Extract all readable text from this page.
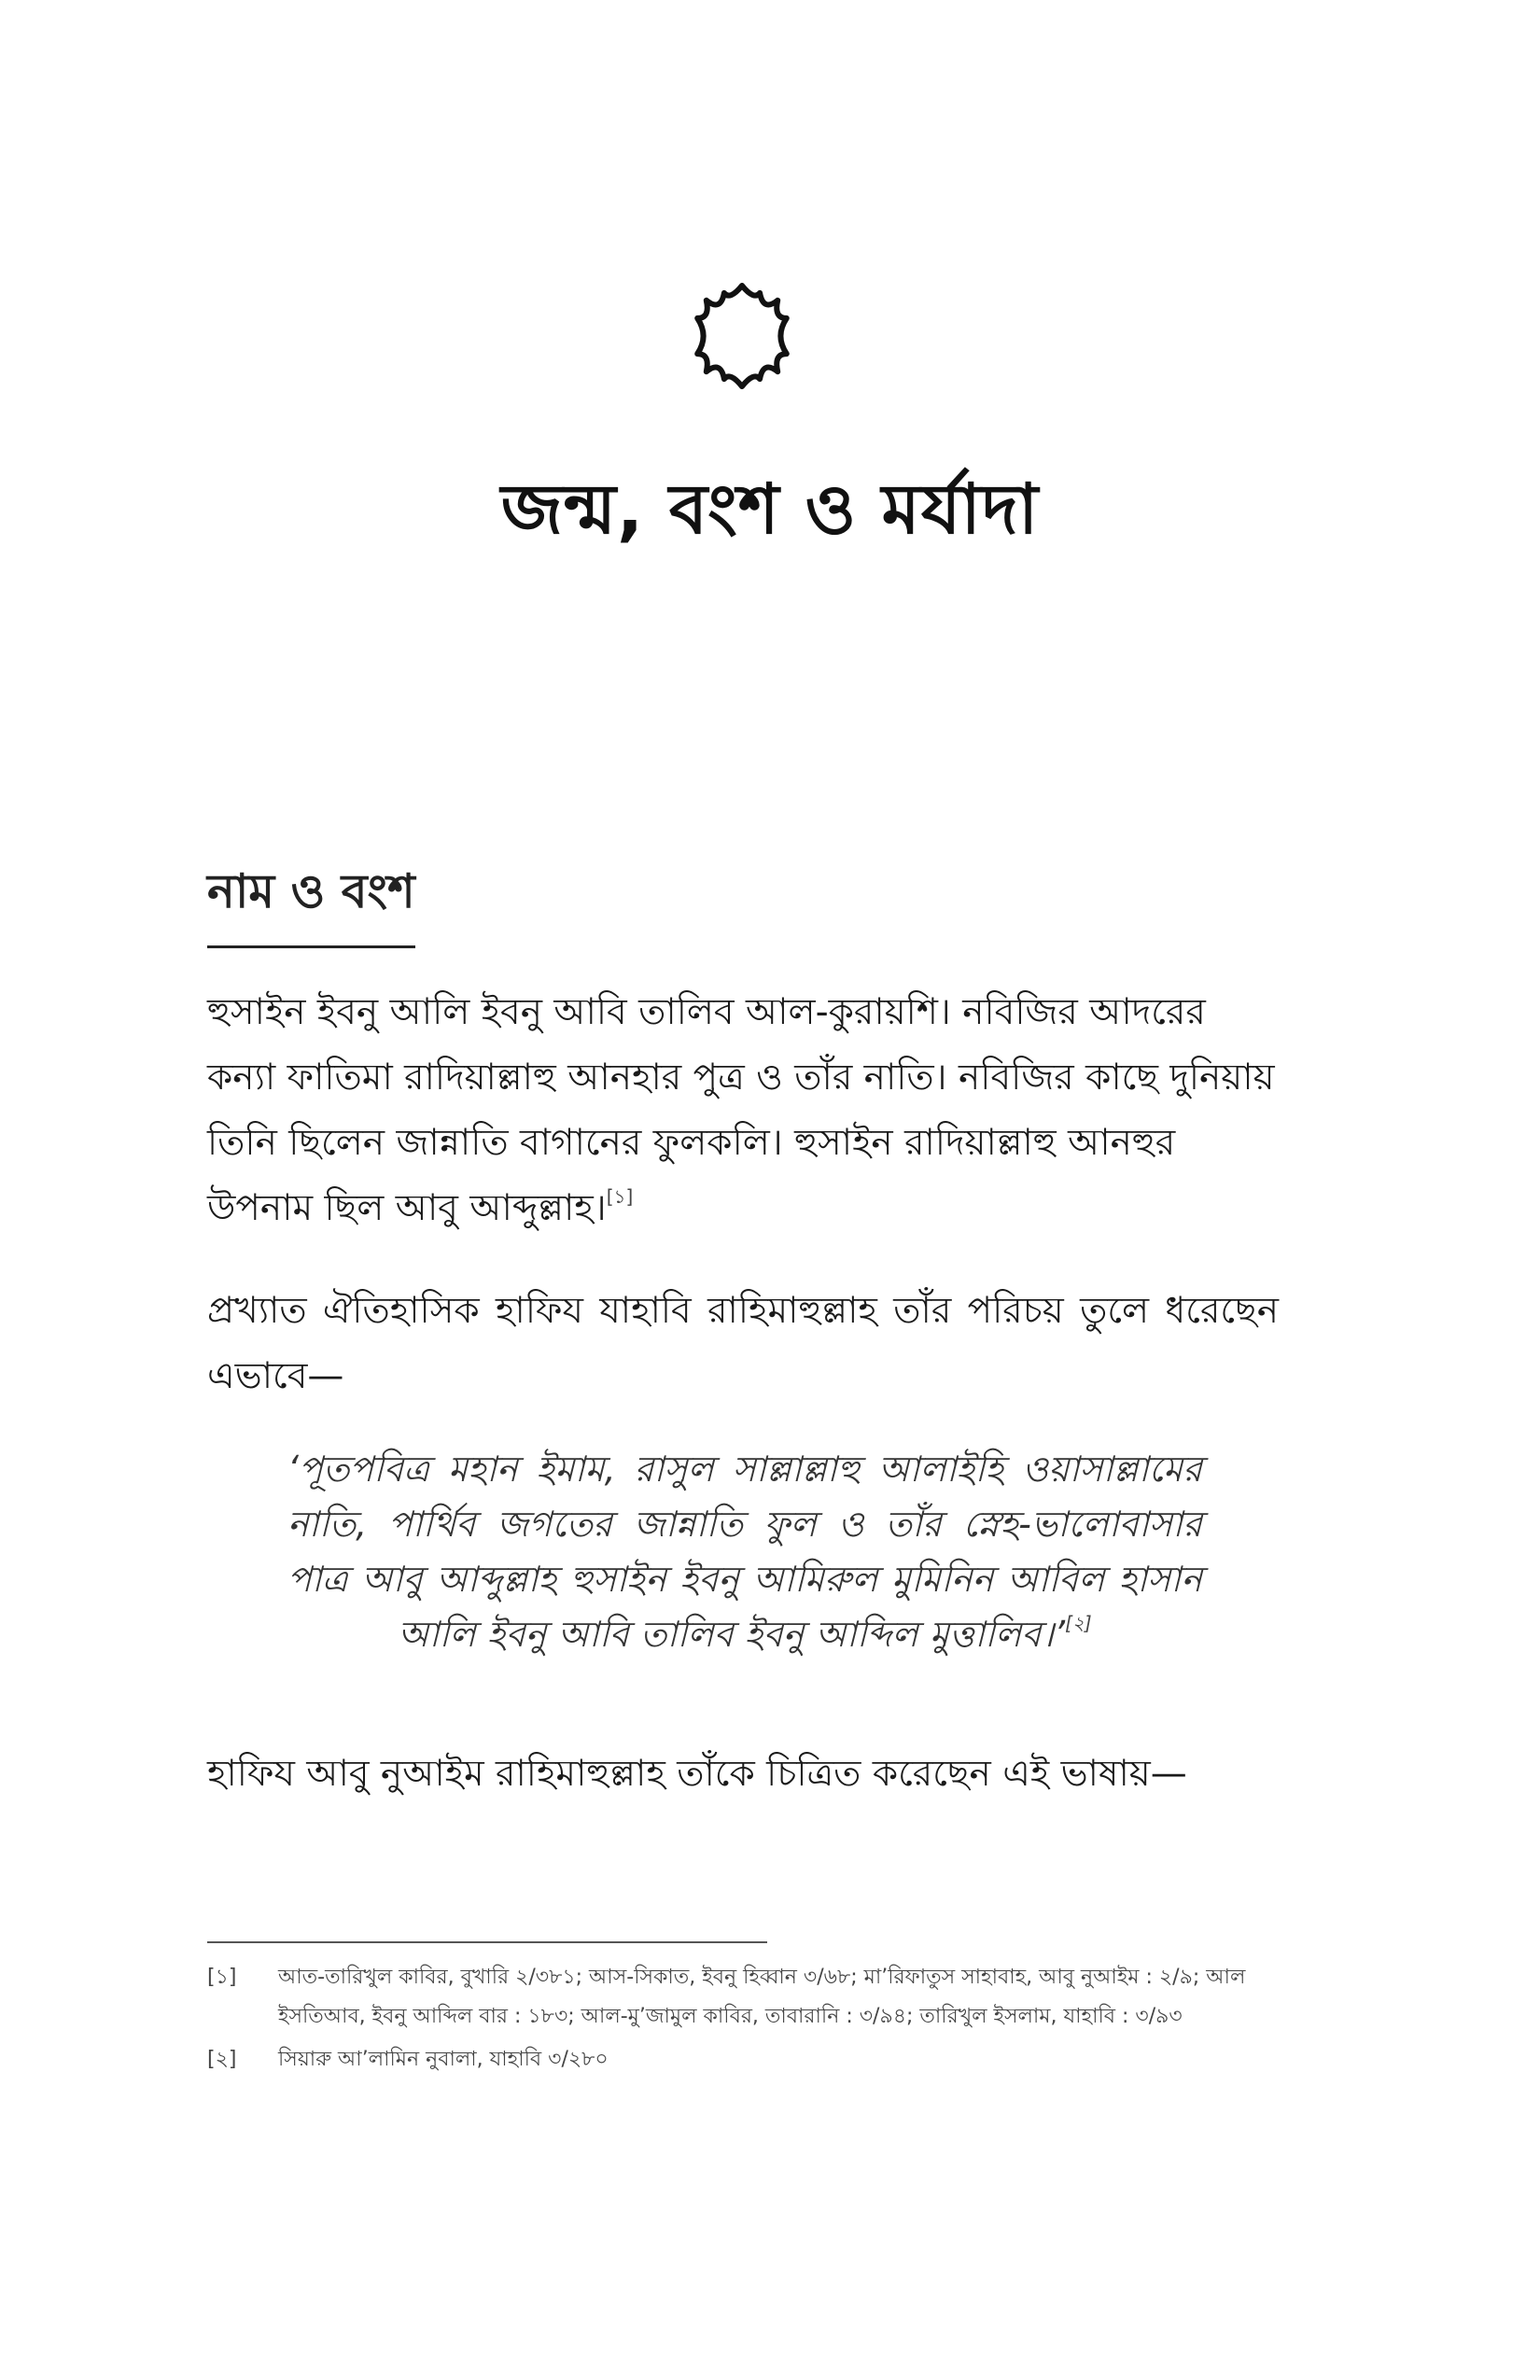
জন্ম, বংশ ও মর্যাদা
নাম ও বংশ

হুসাইন ইবনু আলি ইবনু আবি তালিব আল-কুরায়শি। নবিজির আদরের কন্যা ফাতিমা রাদিয়াল্লাহু আনহার পুত্র ও তাঁর নাতি। নবিজির কাছে দুনিয়ায় তিনি ছিলেন জান্নাতি বাগানের ফুলকলি। হুসাইন রাদিয়াল্লাহু আনহুর উপনাম ছিল আবু আব্দুল্লাহ।[১]

প্রখ্যাত ঐতিহাসিক হাফিয যাহাবি রাহিমাহুল্লাহ তাঁর পরিচয় তুলে ধরেছেন এভাবে—

‘পূতপবিত্র মহান ইমাম, রাসুল সাল্লাল্লাহু আলাইহি ওয়াসাল্লামের নাতি, পার্থিব জগতের জান্নাতি ফুল ও তাঁর স্নেহ-ভালোবাসার পাত্র আবু আব্দুল্লাহ হুসাইন ইবনু আমিরুল মুমিনিন আবিল হাসান আলি ইবনু আবি তালিব ইবনু আব্দিল মুত্তালিব।’[২]

হাফিয আবু নুআইম রাহিমাহুল্লাহ তাঁকে চিত্রিত করেছেন এই ভাষায়—

[১] আত-তারিখুল কাবির, বুখারি ২/৩৮১; আস-সিকাত, ইবনু হিব্বান ৩/৬৮; মা’রিফাতুস সাহাবাহ, আবু নুআইম : ২/৯; আল ইসতিআব, ইবনু আব্দিল বার : ১৮৩; আল-মু’জামুল কাবির, তাবারানি : ৩/৯৪; তারিখুল ইসলাম, যাহাবি : ৩/৯৩
[২] সিয়ারু আ’লামিন নুবালা, যাহাবি ৩/২৮০
